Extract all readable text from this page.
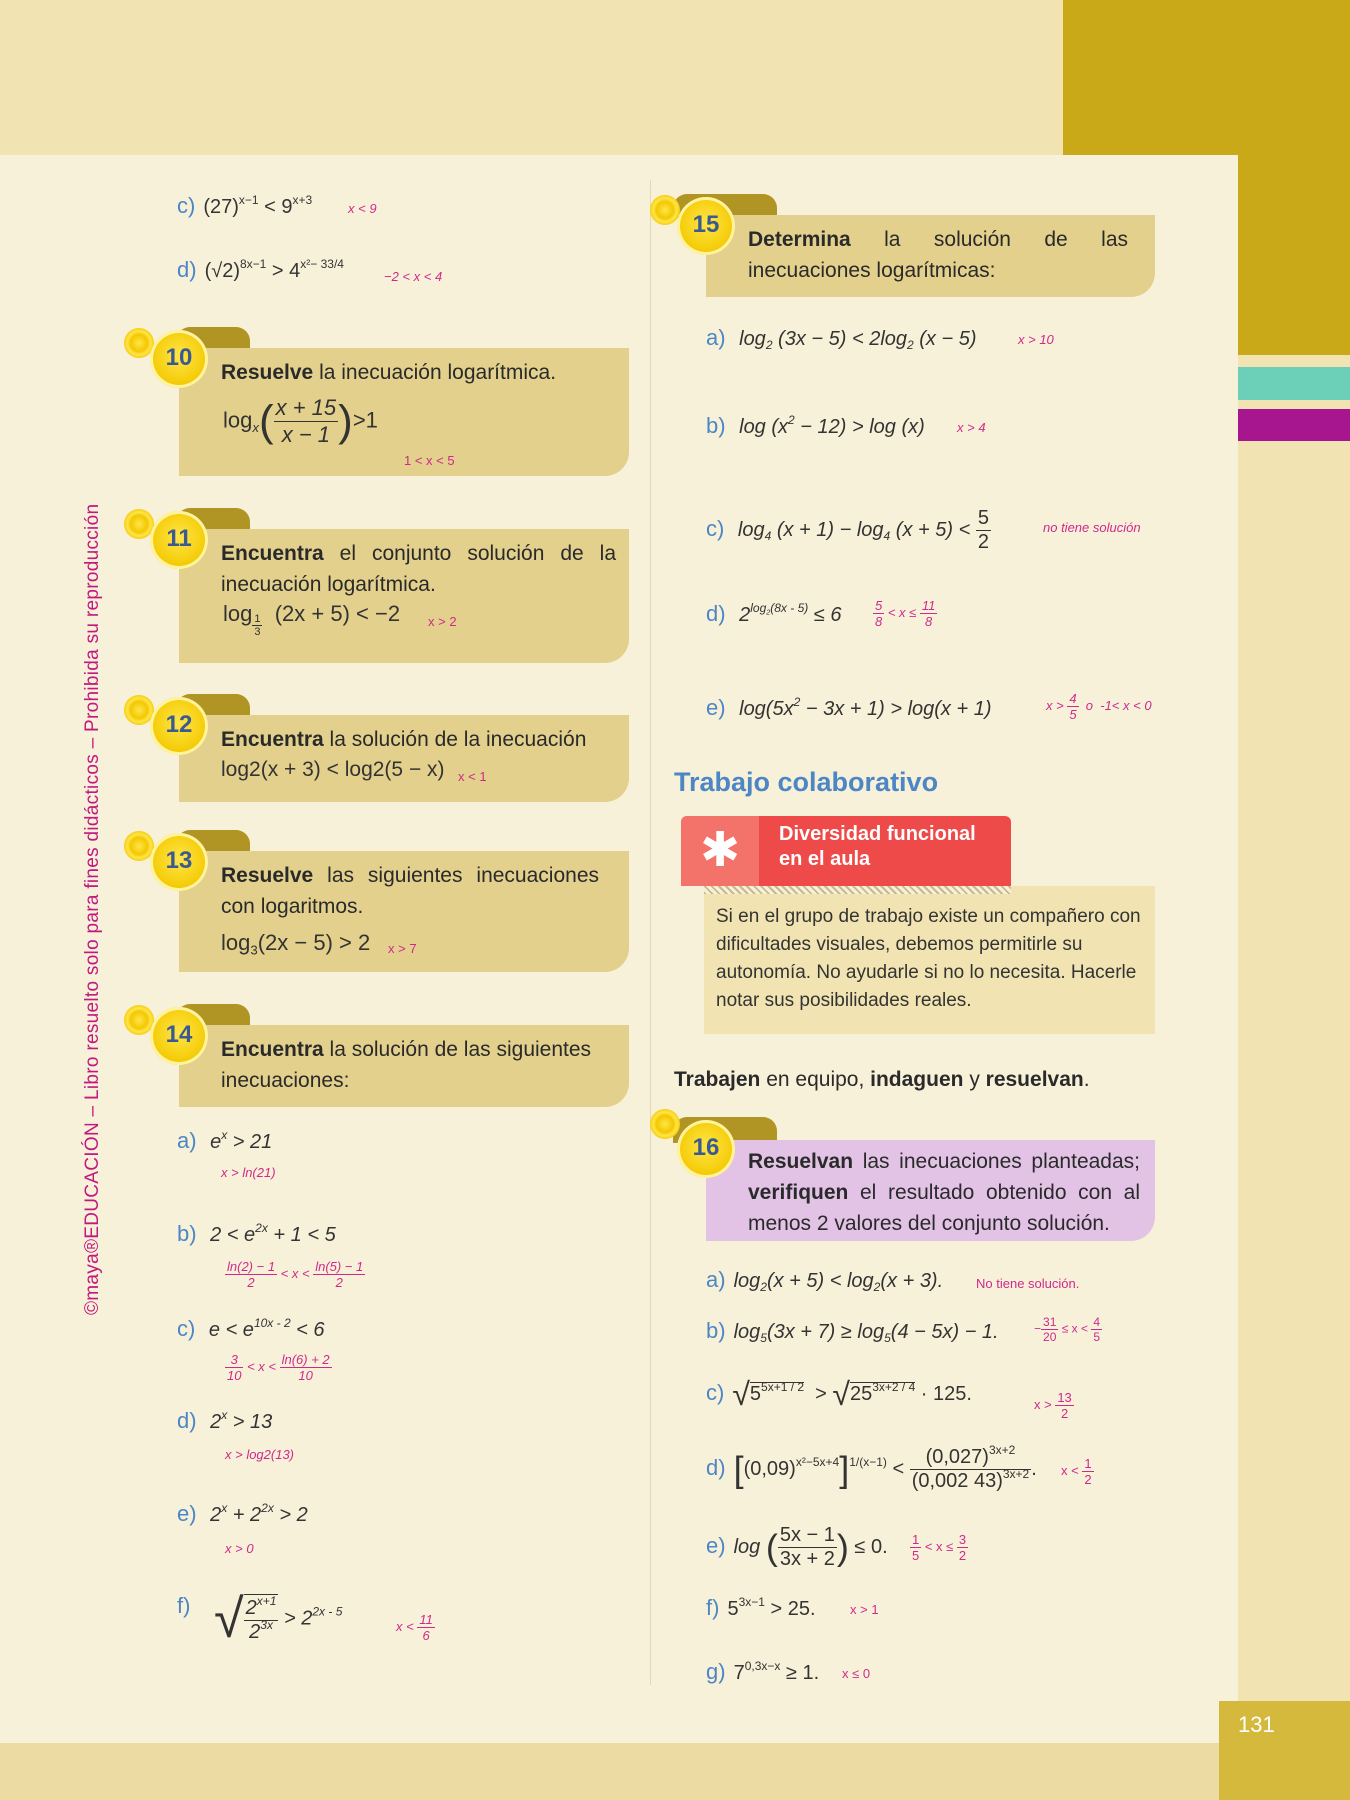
131
©maya®EDUCACIÓN – Libro resuelto solo para fines didácticos – Prohibida su reproducción
c) $(27)^{x-1} < 9^{x+3}$
x < 9
d) $(√2)^{8x-1} > 4^{x^2- 33/4}$
−2 < x < 4
10
Resuelve la inecuación logarítmica.
$\log_x( \frac{x + 15}{x - 1} )>1$
1 < x < 5
11
Encuentra el conjunto solución de la inecuación logarítmica.
$\log \frac{1}{3} (2x + 5) < -2$ x > 2
12
Encuentra la solución de la inecuación
log2(x + 3) < log2(5 − x) x < 1
13
Resuelve las siguientes inecuaciones con logaritmos.
$\log_3(2x - 5) > 2$ x > 7
14
Encuentra la solución de las siguientes inecuaciones:
a) $e^x > 21$
x > ln(21)
b) $2 < e^{2x} + 1 < 5$
$\frac{\ln(2) - 1}{2} < x < \frac{\ln(5) - 1}{2}$
c) $e < e^{10x - 2} < 6$
$\frac{3}{10} < x < \frac{\ln(6) + 2}{10}$
d) $2^x > 13$
x > log2(13)
e) $2^x + 2^{2x} > 2$
x > 0
f) √ $\frac{2^{x+1}}{2^{3x}} > 2^{2x - 5}$
$x < \frac{11}{6}$
15
Determina la solución de las inecuaciones logarítmicas:
a) $\log_2 (3x - 5) < 2\log_2$ (x − 5)	x > 10
b) $\log (x^2 - 12) > \log (x) x > 4$
c) $\log_4 (x + 1) - \log_4 (x + 5) < \frac{5}{2}$	no tiene solución
d) $2^{log_2(8x - 5)} \le 6 \frac{5}{8} < x \le \frac{11}{8}$
e) $\log(5x^2 - 3x + 1) > \log(x + 1)$	$x > \frac{4}{5}$ o  -1< x < 0
Trabajo colaborativo
✱ Diversidad funcional
en el aula
Si en el grupo de trabajo existe un compañero con dificultades visuales, debemos permitirle su autonomía. No ayudarle si no lo necesita. Hacerle notar sus posibilidades reales.
Trabajen en equipo, indaguen y resuelvan.
16
Resuelvan las inecuaciones planteadas; verifiquen el resultado obtenido con al menos 2 valores del conjunto solución.
a) $\log_2(x + 5) < \log_2(x + 3)$.	No tiene solución.
b) $\log_5(3x + 7) \ge \log_5(4 - 5x) - 1$.	− $\frac{31}{20} \le x < \frac{4}{5}$
c) $√5^{5x+1 / 2} > √25^{3x+2 / 4} \cdot 125$.	$x > \frac{13}{2}$
d) $[(0,09)^{x^2-5x+4}]^{1/(x-1)} < \frac{(0,027)^{3x+2}}{(0,002 43)^{3x+2}}$ . $x < \frac{1}{2}$
e) log ( $\frac{5x - 1}{3x + 2}$ ) ≤ 0. $\frac{1}{5} < x \le \frac{3}{2}$
f) $5^{3x-1} > 25$.	x > 1
g) $7^{0,3x-x} \ge 1$. x ≤ 0
